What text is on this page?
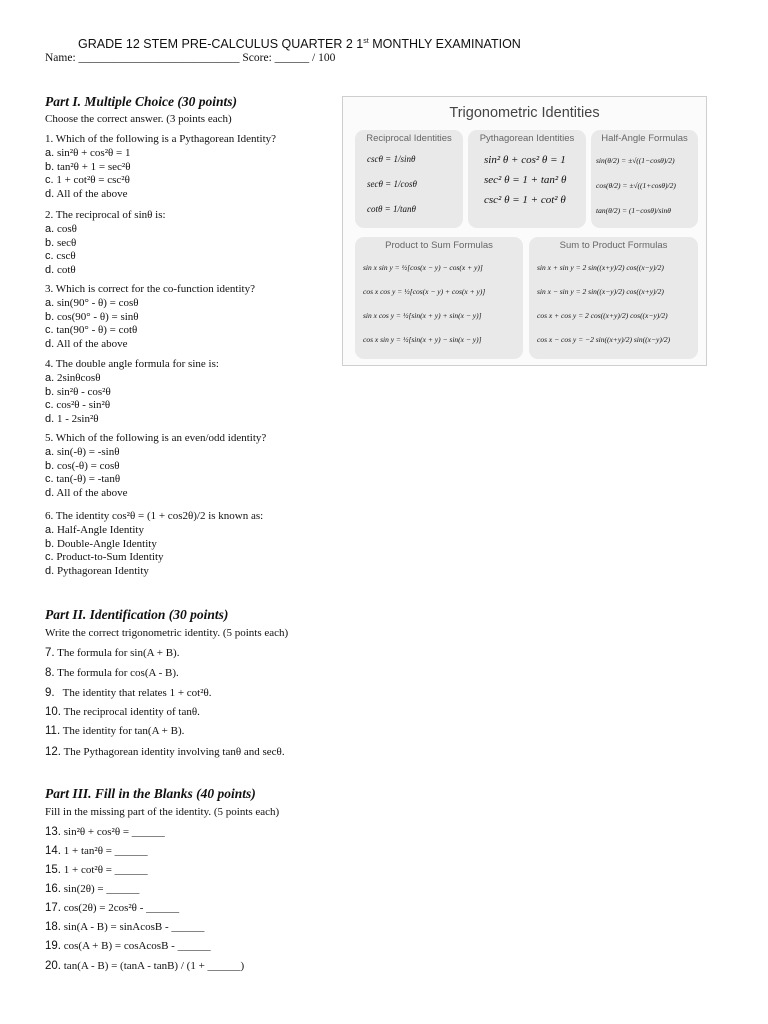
GRADE 12 STEM PRE-CALCULUS QUARTER 2 1st MONTHLY EXAMINATION
Name: ____________________________ Score: ______ / 100
Part I. Multiple Choice (30 points)
Choose the correct answer. (3 points each)
1. Which of the following is a Pythagorean Identity?
a. sin²θ + cos²θ = 1
b. tan²θ + 1 = sec²θ
c. 1 + cot²θ = csc²θ
d. All of the above
2. The reciprocal of sinθ is:
a. cosθ
b. secθ
c. cscθ
d. cotθ
3. Which is correct for the co-function identity?
a. sin(90° - θ) = cosθ
b. cos(90° - θ) = sinθ
c. tan(90° - θ) = cotθ
d. All of the above
4. The double angle formula for sine is:
a. 2sinθcosθ
b. sin²θ - cos²θ
c. cos²θ - sin²θ
d. 1 - 2sin²θ
5. Which of the following is an even/odd identity?
a. sin(-θ) = -sinθ
b. cos(-θ) = cosθ
c. tan(-θ) = -tanθ
d. All of the above
6. The identity cos²θ = (1 + cos2θ)/2 is known as:
a. Half-Angle Identity
b. Double-Angle Identity
c. Product-to-Sum Identity
d. Pythagorean Identity
Trigonometric Identities
Reciprocal Identities
cscθ = 1/sinθ
secθ = 1/cosθ
cotθ = 1/tanθ
Pythagorean Identities
sin² θ + cos² θ = 1
sec² θ = 1 + tan² θ
csc² θ = 1 + cot² θ
Half-Angle Formulas
sin(θ/2) = ±√((1−cosθ)/2)
cos(θ/2) = ±√((1+cosθ)/2)
tan(θ/2) = (1−cosθ)/sinθ
Product to Sum Formulas
sin x sin y = ½[cos(x − y) − cos(x + y)]
cos x cos y = ½[cos(x − y) + cos(x + y)]
sin x cos y = ½[sin(x + y) + sin(x − y)]
cos x sin y = ½[sin(x + y) − sin(x − y)]
Sum to Product Formulas
sin x + sin y = 2 sin((x+y)/2) cos((x−y)/2)
sin x − sin y = 2 sin((x−y)/2) cos((x+y)/2)
cos x + cos y = 2 cos((x+y)/2) cos((x−y)/2)
cos x − cos y = −2 sin((x+y)/2) sin((x−y)/2)
Part II. Identification (30 points)
Write the correct trigonometric identity. (5 points each)
7. The formula for sin(A + B).
8. The formula for cos(A - B).
9. The identity that relates 1 + cot²θ.
10. The reciprocal identity of tanθ.
11. The identity for tan(A + B).
12. The Pythagorean identity involving tanθ and secθ.
Part III. Fill in the Blanks (40 points)
Fill in the missing part of the identity. (5 points each)
13. sin²θ + cos²θ = ______
14. 1 + tan²θ = ______
15. 1 + cot²θ = ______
16. sin(2θ) = ______
17. cos(2θ) = 2cos²θ - ______
18. sin(A - B) = sinAcosB - ______
19. cos(A + B) = cosAcosB - ______
20. tan(A - B) = (tanA - tanB) / (1 + ______)
